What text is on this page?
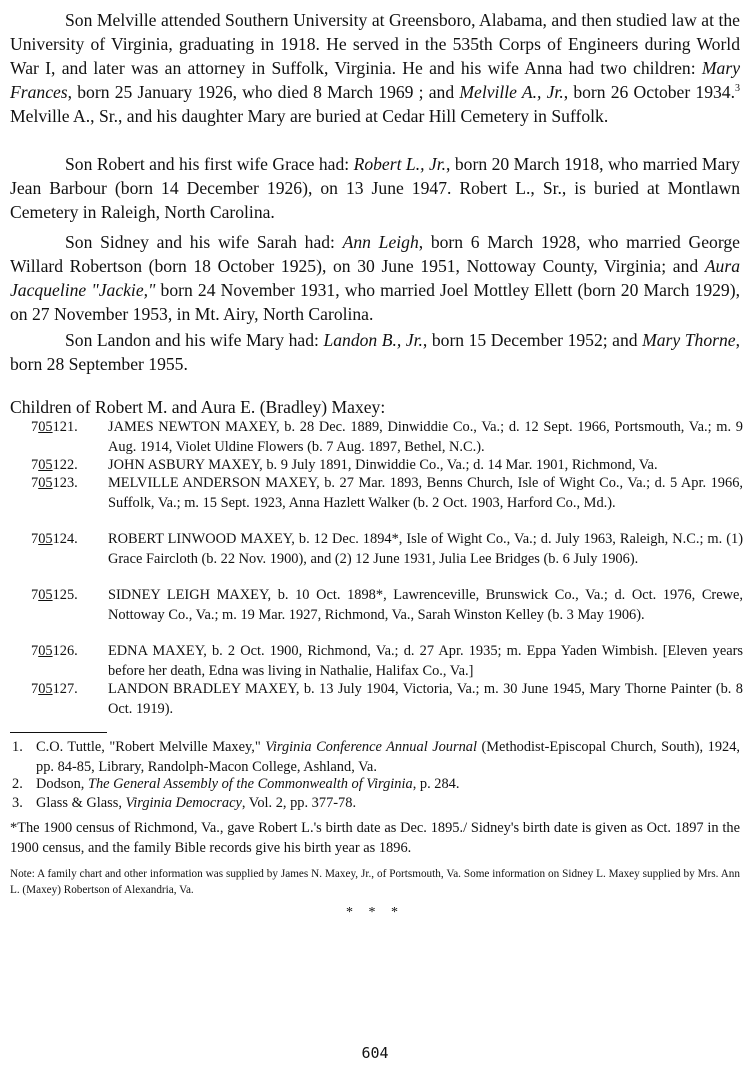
Son Melville attended Southern University at Greensboro, Alabama, and then studied law at the University of Virginia, graduating in 1918. He served in the 535th Corps of Engineers during World War I, and later was an attorney in Suffolk, Virginia. He and his wife Anna had two children: Mary Frances, born 25 January 1926, who died 8 March 1969 ; and Melville A., Jr., born 26 October 1934.$^3$ Melville A., Sr., and his daughter Mary are buried at Cedar Hill Cemetery in Suffolk.

Son Robert and his first wife Grace had: Robert L., Jr., born 20 March 1918, who married Mary Jean Barbour (born 14 December 1926), on 13 June 1947. Robert L., Sr., is buried at Montlawn Cemetery in Raleigh, North Carolina.

Son Sidney and his wife Sarah had: Ann Leigh, born 6 March 1928, who married George Willard Robertson (born 18 October 1925), on 30 June 1951, Nottoway County, Virginia; and Aura Jacqueline "Jackie," born 24 November 1931, who married Joel Mottley Ellett (born 20 March 1929), on 27 November 1953, in Mt. Airy, North Carolina.

Son Landon and his wife Mary had: Landon B., Jr., born 15 December 1952; and Mary Thorne, born 28 September 1955.

Children of Robert M. and Aura E. (Bradley) Maxey:

705121.	JAMES NEWTON MAXEY, b. 28 Dec. 1889, Dinwiddie Co., Va.; d. 12 Sept. 1966, Portsmouth, Va.; m. 9 Aug. 1914, Violet Uldine Flowers (b. 7 Aug. 1897, Bethel, N.C.).
705122.	JOHN ASBURY MAXEY, b. 9 July 1891, Dinwiddie Co., Va.; d. 14 Mar. 1901, Richmond, Va.
705123.	MELVILLE ANDERSON MAXEY, b. 27 Mar. 1893, Benns Church, Isle of Wight Co., Va.; d. 5 Apr. 1966, Suffolk, Va.; m. 15 Sept. 1923, Anna Hazlett Walker (b. 2 Oct. 1903, Harford Co., Md.).
705124.	ROBERT LINWOOD MAXEY, b. 12 Dec. 1894*, Isle of Wight Co., Va.; d. July 1963, Raleigh, N.C.; m. (1) Grace Faircloth (b. 22 Nov. 1900), and (2) 12 June 1931, Julia Lee Bridges (b. 6 July 1906).
705125.	SIDNEY LEIGH MAXEY, b. 10 Oct. 1898*, Lawrenceville, Brunswick Co., Va.; d. Oct. 1976, Crewe, Nottoway Co., Va.; m. 19 Mar. 1927, Richmond, Va., Sarah Winston Kelley (b. 3 May 1906).
705126.	EDNA MAXEY, b. 2 Oct. 1900, Richmond, Va.; d. 27 Apr. 1935; m. Eppa Yaden Wimbish. [Eleven years before her death, Edna was living in Nathalie, Halifax Co., Va.]
705127.	LANDON BRADLEY MAXEY, b. 13 July 1904, Victoria, Va.; m. 30 June 1945, Mary Thorne Painter (b. 8 Oct. 1919).
1. C.O. Tuttle, "Robert Melville Maxey," Virginia Conference Annual Journal (Methodist-Episcopal Church, South), 1924, pp. 84-85, Library, Randolph-Macon College, Ashland, Va.
2. Dodson, The General Assembly of the Commonwealth of Virginia, p. 284.
3. Glass & Glass, Virginia Democracy, Vol. 2, pp. 377-78.

*The 1900 census of Richmond, Va., gave Robert L.'s birth date as Dec. 1895./ Sidney's birth date is given as Oct. 1897 in the 1900 census, and the family Bible records give his birth year as 1896.

Note: A family chart and other information was supplied by James N. Maxey, Jr., of Portsmouth, Va. Some information on Sidney L. Maxey supplied by Mrs. Ann L. (Maxey) Robertson of Alexandria, Va.

* * *

604
